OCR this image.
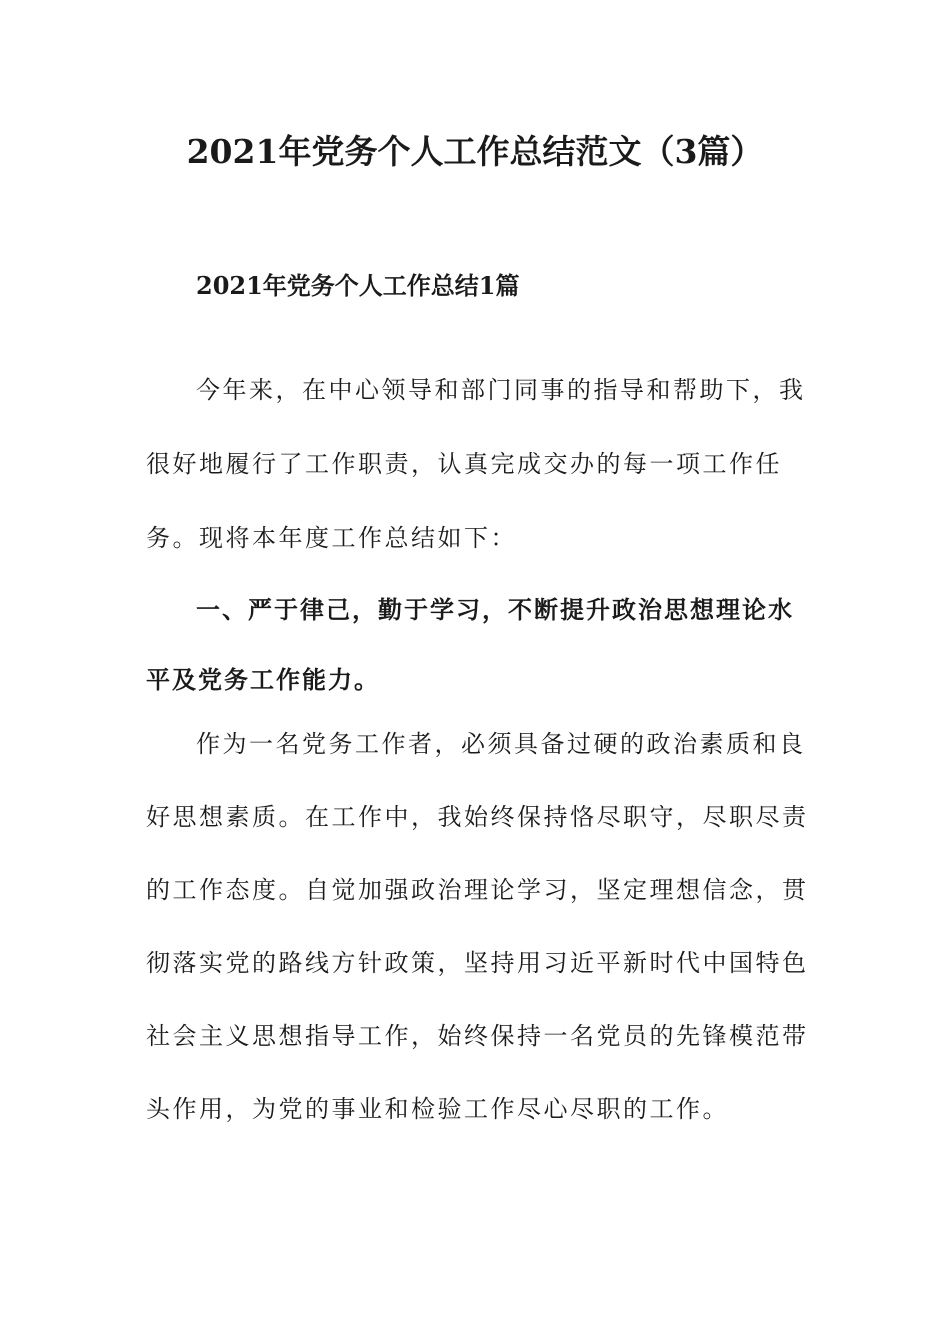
2021年党务个人工作总结范文（3篇）
2021年党务个人工作总结1篇
今年来，在中心领导和部门同事的指导和帮助下，我
很好地履行了工作职责，认真完成交办的每一项工作任
务。现将本年度工作总结如下：
一、严于律己，勤于学习，不断提升政治思想理论水
平及党务工作能力。
作为一名党务工作者，必须具备过硬的政治素质和良
好思想素质。在工作中，我始终保持恪尽职守，尽职尽责
的工作态度。自觉加强政治理论学习，坚定理想信念，贯
彻落实党的路线方针政策，坚持用习近平新时代中国特色
社会主义思想指导工作，始终保持一名党员的先锋模范带
头作用，为党的事业和检验工作尽心尽职的工作。
